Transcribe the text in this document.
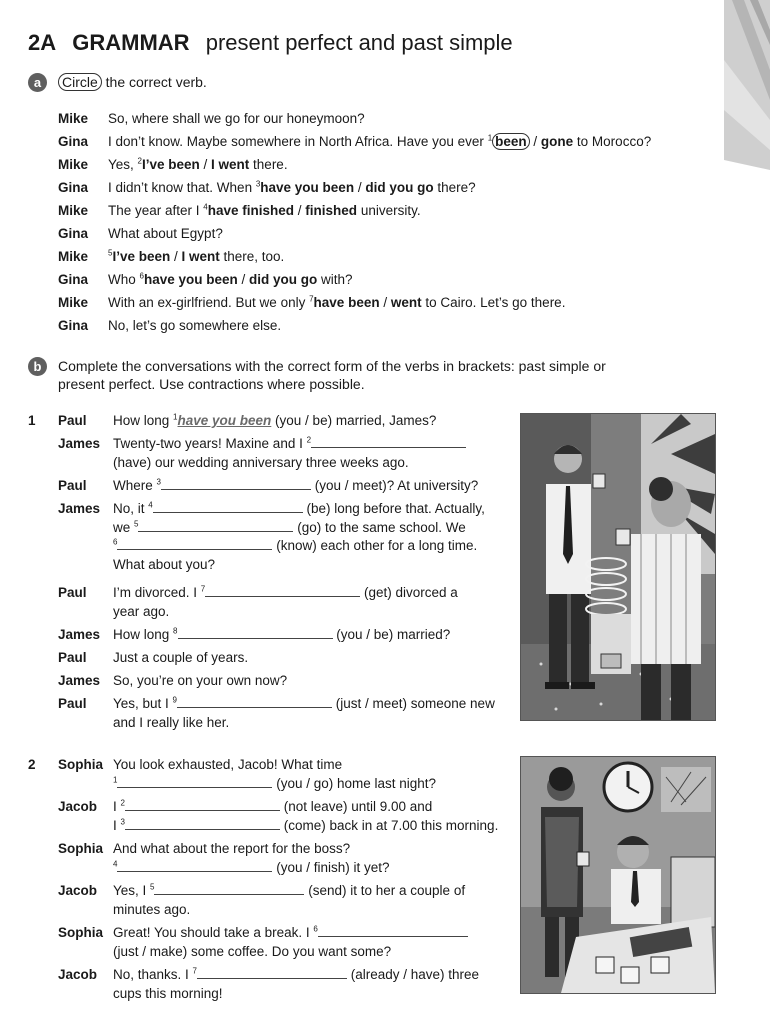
2A GRAMMAR present perfect and past simple
a	Circle the correct verb.
Mike So, where shall we go for our honeymoon?
Gina I don’t know. Maybe somewhere in North Africa. Have you ever $^1$ been / gone to Morocco?
Mike Yes, $^2$I’ve been / I went there.
Gina I didn’t know that. When $^3$have you been / did you go there?
Mike The year after I $^4$have finished / finished university.
Gina What about Egypt?
Mike $^5$I’ve been / I went there, too.
Gina Who $^6$have you been / did you go with?
Mike With an ex-girlfriend. But we only $^7$have been / went to Cairo. Let’s go there.
Gina No, let’s go somewhere else.
b	Complete the conversations with the correct form of the verbs in brackets: past simple or
present perfect. Use contractions where possible.
1 Paul How long $^1$have you been (you / be) married, James?
James Twenty-two years! Maxine and I $^2$
(have) our wedding anniversary three weeks ago.
Paul Where $^3$	(you / meet)? At university?
James No, it $^4$	(be) long before that. Actually,
we $^5$	(go) to the same school. We
$^6$	(know) each other for a long time.
What about you?
Paul I’m divorced. I $^7$	(get) divorced a
year ago.
James How long $^8$	(you / be) married?
Paul Just a couple of years.
James So, you’re on your own now?
Paul Yes, but I $^9$	(just / meet) someone new
and I really like her.
2 Sophia You look exhausted, Jacob! What time
$^1$	(you / go) home last night?
Jacob I $^2$	(not leave) until 9.00 and
I $^3$	(come) back in at 7.00 this morning.
Sophia And what about the report for the boss?
$^4$	(you / finish) it yet?
Jacob Yes, I $^5$	(send) it to her a couple of
minutes ago.
Sophia Great! You should take a break. I $^6$
(just / make) some coffee. Do you want some?
Jacob No, thanks. I $^7$	(already / have) three
cups this morning!
